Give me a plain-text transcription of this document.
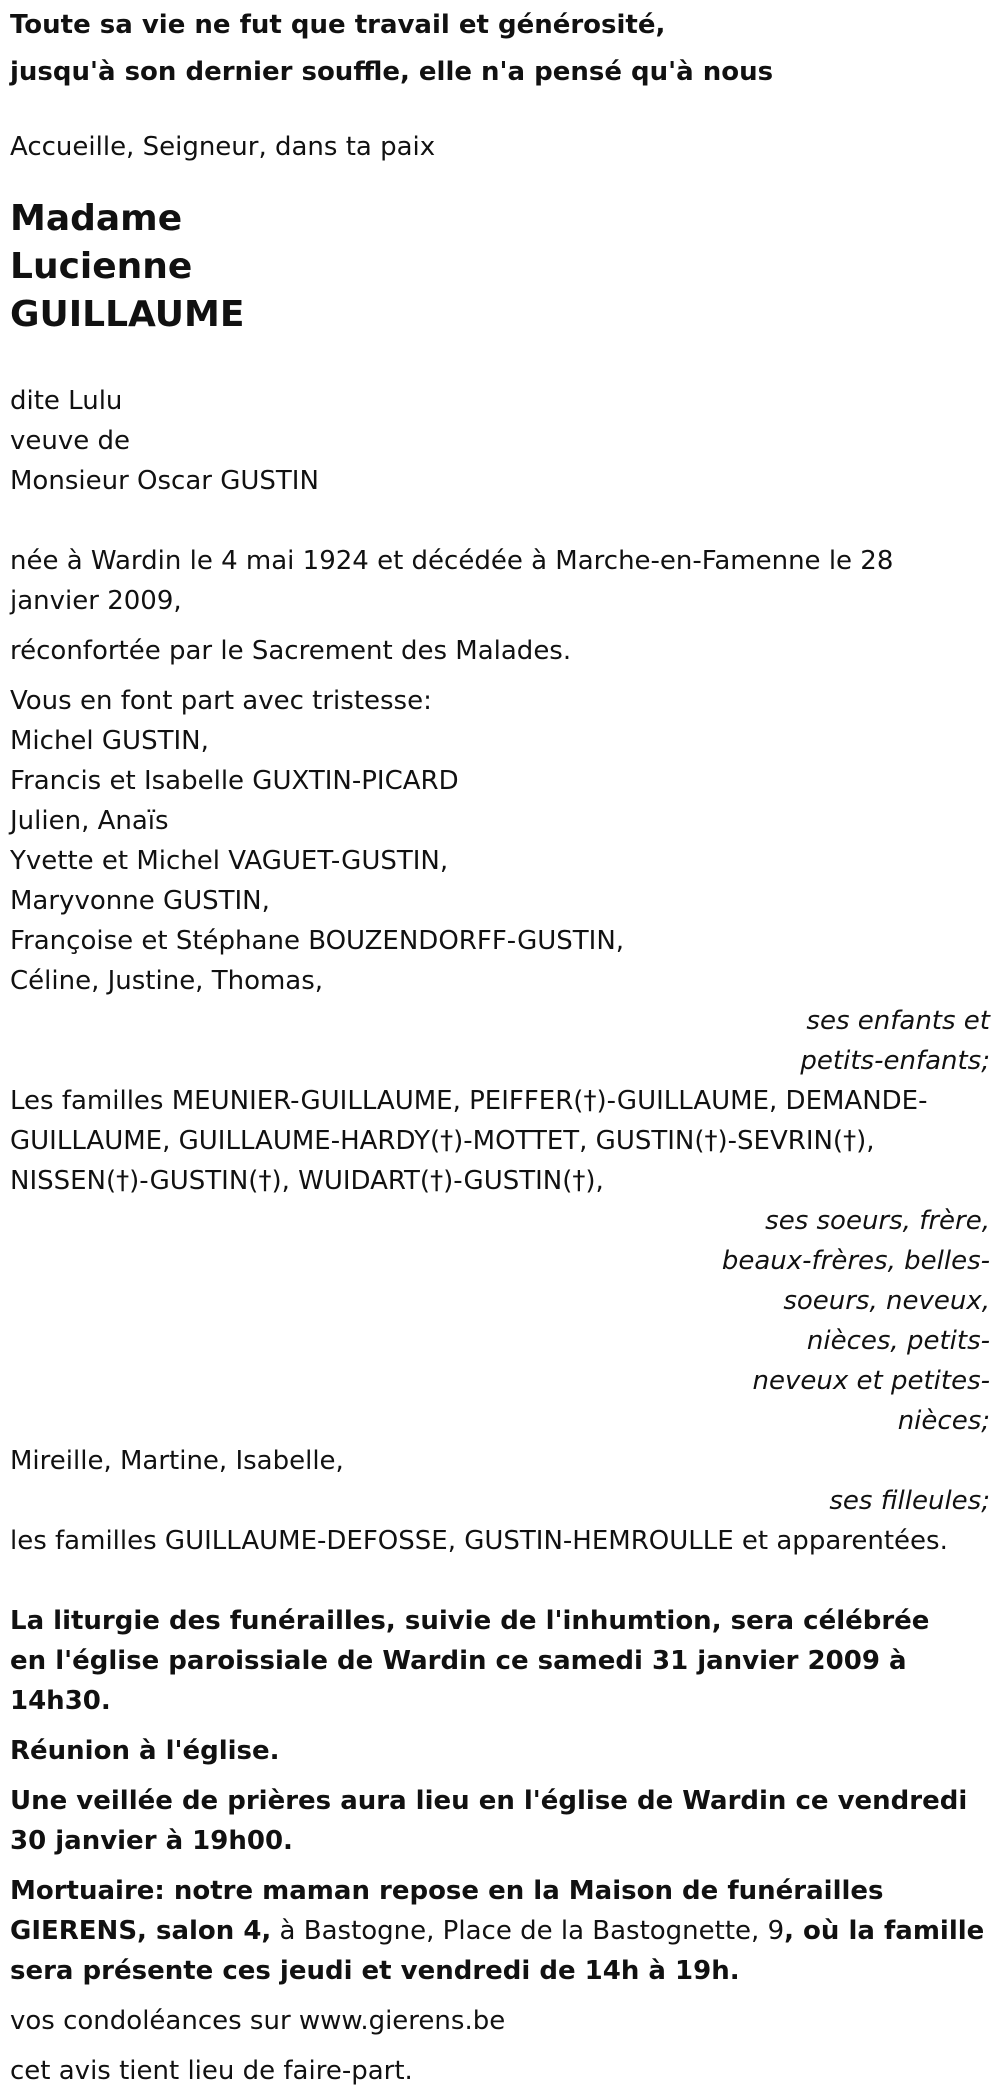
Toute sa vie ne fut que travail et générosité,
jusqu'à son dernier souffle, elle n'a pensé qu'à nous
Accueille, Seigneur, dans ta paix
Madame
Lucienne
GUILLAUME
dite Lulu
veuve de
Monsieur Oscar GUSTIN
née à Wardin le 4 mai 1924 et décédée à Marche-en-Famenne le 28 janvier 2009,
réconfortée par le Sacrement des Malades.
Vous en font part avec tristesse:
Michel GUSTIN,
Francis et Isabelle GUXTIN-PICARD
Julien, Anaïs
Yvette et Michel VAGUET-GUSTIN,
Maryvonne GUSTIN,
Françoise et Stéphane BOUZENDORFF-GUSTIN,
Céline, Justine, Thomas,
ses enfants et
petits-enfants;
Les familles MEUNIER-GUILLAUME, PEIFFER(†)-GUILLAUME, DEMANDE-GUILLAUME, GUILLAUME-HARDY(†)-MOTTET, GUSTIN(†)-SEVRIN(†), NISSEN(†)-GUSTIN(†), WUIDART(†)-GUSTIN(†),
ses soeurs, frère,
beaux-frères, belles-
soeurs, neveux,
nièces, petits-
neveux et petites-
nièces;
Mireille, Martine, Isabelle,
ses filleules;
les familles GUILLAUME-DEFOSSE, GUSTIN-HEMROULLE et apparentées.
La liturgie des funérailles, suivie de l'inhumtion, sera célébrée en l'église paroissiale de Wardin ce samedi 31 janvier 2009 à 14h30.
Réunion à l'église.
Une veillée de prières aura lieu en l'église de Wardin ce vendredi 30 janvier à 19h00.
Mortuaire: notre maman repose en la Maison de funérailles GIERENS, salon 4, à Bastogne, Place de la Bastognette, 9, où la famille sera présente ces jeudi et vendredi de 14h à 19h.
vos condoléances sur www.gierens.be
cet avis tient lieu de faire-part.
